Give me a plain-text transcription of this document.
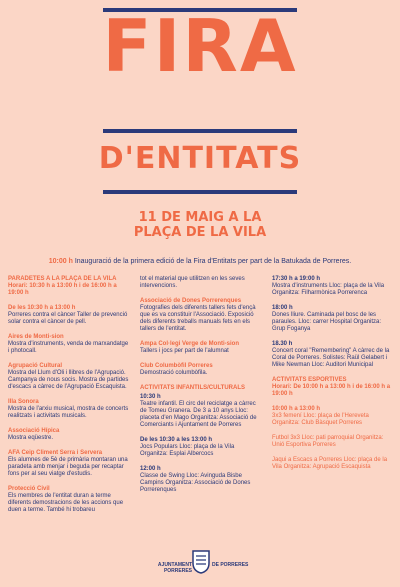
FIRA
D'ENTITATS
11 DE MAIG A LA
PLAÇA DE LA VILA
10:00 h Inauguració de la primera edició de la Fira d'Entitats per part de la Batukada de Porreres.
PARADETES A LA PLAÇA DE LA VILA
Horari: 10:30 h a 13:00 h i de 16:00 h a 19:00 h
De les 10:30 h a 13:00 h
Porreres contra el càncer Taller de prevenció solar contra el càncer de pell.
Aires de Monti-sion
Mostra d'instruments, venda de marxandatge i photocall.
Agrupació Cultural
Mostra del Llum d'Oli i llibres de l'Agrupació. Campanya de nous socis. Mostra de partides d'escacs a càrrec de l'Agrupació Escaquista.
Illa Sonora
Mostra de l'arxiu musical, mostra de concerts realitzats i activitats musicals.
Associació Hípica
Mostra eqüestre.
AFA Ceip Climent Serra i Servera
Els alumnes de 5è de primària montaran una paradeta amb menjar i beguda per recaptar fons per al seu viatge d'estudis.
Protecció Civil
Els membres de l'entitat duran a terme diferents demostracions de les accions que duen a terme. També hi trobareu
tot el material que utilitzen en les seves intervencions.
Associació de Dones Porrerenques
Fotografies dels diferents tallers fets d'ençà que es va constituir l'Associació. Exposició dels diferents treballs manuals fets en els tallers de l'entitat.
Ampa Col·legi Verge de Monti-sion
Tallers i jocs per part de l'alumnat
Club Columbòfil Porreres
Demostració columbòfila.
ACTIVITATS INFANTILS/CULTURALS
10:30 h
Teatre infantil. El circ del reciclatge a càrrec de Tomeu Granera. De 3 a 10 anys Lloc: placeta d'en Mago Organitza: Associació de Comerciants i Ajuntament de Porreres
De les 10:30 a les 13:00 h
Jocs Populars Lloc: plaça de la Vila Organitza: Esplai Albercocs
12:00 h
Classe de Swing Lloc: Avinguda Bisbe Campins Organitza: Associació de Dones Porrerenques
17:30 h a 19:00 h
Mostra d'instruments Lloc: plaça de la Vila Organitza: Filharmònica Porrerenca
18:00 h
Dones lliure. Caminada pel bosc de les paraules. Lloc: carrer Hospital Organitza: Grup Foganya
18.30 h
Concert coral "Remembering" A càrrec de la Coral de Porreres. Solistes: Raül Gelabert i Mike Newman Lloc: Auditori Municipal
ACTIVITATS ESPORTIVES
Horari: De 10:00 h a 13:00 h i de 16:00 h a 19:00 h
10:00 h a 13:00 h
3x3 femení Lloc: plaça de l'Hereveta Organitza: Club Bàsquet Porreres
Futbol 3x3 Lloc: pati parroquial Organitza: Unió Esportiva Porreres
Jaqui a Escacs a Porreres Lloc: plaça de la Vila Organitza: Agrupació Escaquista
AJUNTAMENT PORRERES
DE PORRERES
